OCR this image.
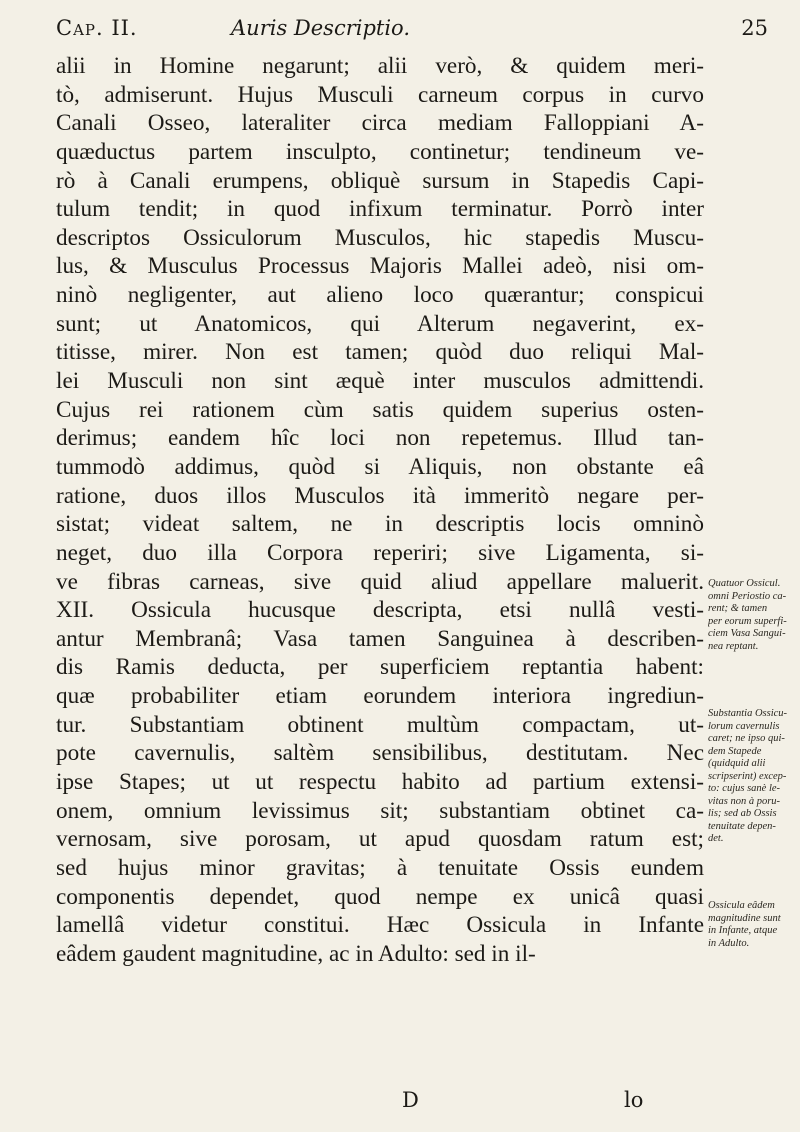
Cap. II.	Auris Descriptio.	25
alii in Homine negarunt; alii verò, & quidem meri-
tò, admiserunt. Hujus Musculi carneum corpus in curvo
Canali Osseo, lateraliter circa mediam Falloppiani A-
quæductus partem insculpto, continetur; tendineum ve-
rò à Canali erumpens, obliquè sursum in Stapedis Capi-
tulum tendit; in quod infixum terminatur. Porrò inter
descriptos Ossiculorum Musculos, hic stapedis Muscu-
lus, & Musculus Processus Majoris Mallei adeò, nisi om-
ninò negligenter, aut alieno loco quærantur; conspicui
sunt; ut Anatomicos, qui Alterum negaverint, ex-
titisse, mirer. Non est tamen; quòd duo reliqui Mal-
lei Musculi non sint æquè inter musculos admittendi.
Cujus rei rationem cùm satis quidem superius osten-
derimus; eandem hîc loci non repetemus. Illud tan-
tummodò addimus, quòd si Aliquis, non obstante eâ
ratione, duos illos Musculos ità immeritò negare per-
sistat; videat saltem, ne in descriptis locis omninò
neget, duo illa Corpora reperiri; sive Ligamenta, si-
ve fibras carneas, sive quid aliud appellare maluerit.
XII. Ossicula hucusque descripta, etsi nullâ vesti-
antur Membranâ; Vasa tamen Sanguinea à describen-
dis Ramis deducta, per superficiem reptantia habent:
quæ probabiliter etiam eorundem interiora ingrediun-
tur. Substantiam obtinent multùm compactam, ut-
pote cavernulis, saltèm sensibilibus, destitutam. Nec
ipse Stapes; ut ut respectu habito ad partium extensi-
onem, omnium levissimus sit; substantiam obtinet ca-
vernosam, sive porosam, ut apud quosdam ratum est;
sed hujus minor gravitas; à tenuitate Ossis eundem
componentis dependet, quod nempe ex unicâ quasi
lamellâ videtur constitui. Hæc Ossicula in Infante
eâdem gaudent magnitudine, ac in Adulto: sed in il-
Quatuor Ossicul.
omni Periostio ca-
rent; & tamen
per eorum superfi-
ciem Vasa Sangui-
nea reptant.
Substantia Ossicu-
lorum cavernulis
caret; ne ipso qui-
dem Stapede
(quidquid alii
scripserint) excep-
to: cujus sanè le-
vitas non à poru-
lis; sed ab Ossis
tenuitate depen-
det.
Ossicula eâdem
magnitudine sunt
in Infante, atque
in Adulto.
D	lo
